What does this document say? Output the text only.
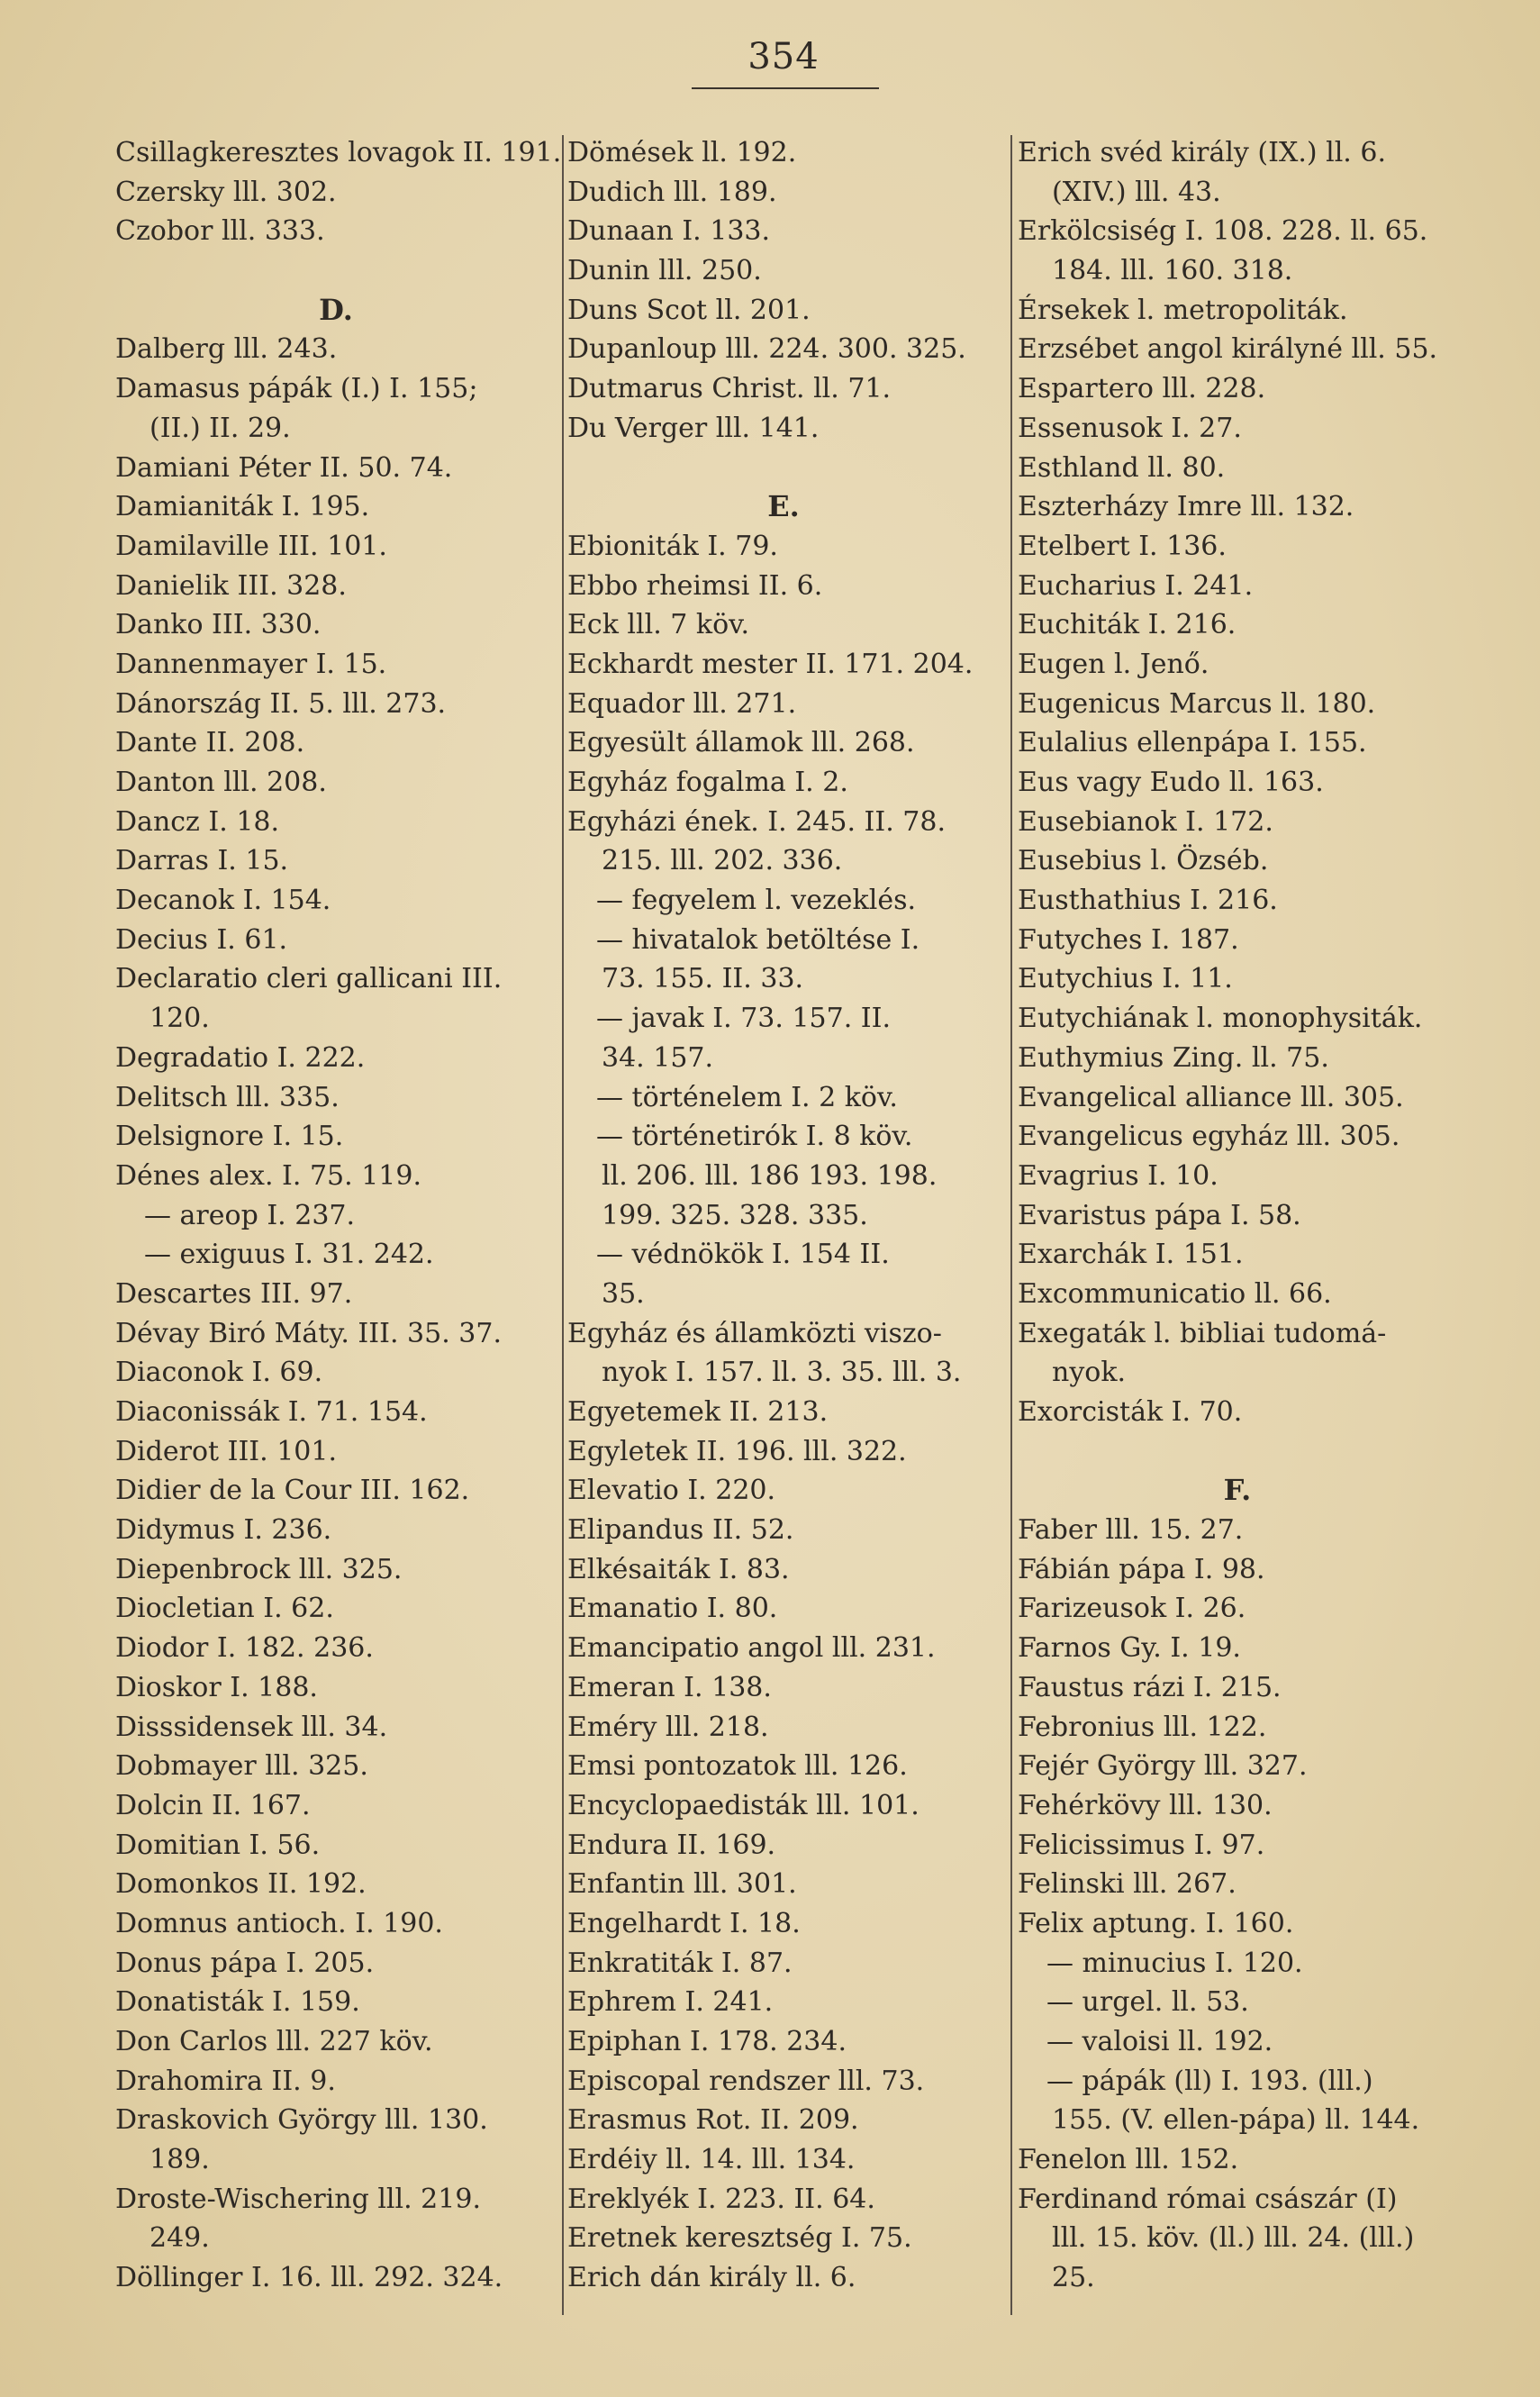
354
Csillagkeresztes lovagok II. 191.
Czersky lll. 302.
Czobor lll. 333.
D.
Dalberg lll. 243.
Damasus pápák (I.) I. 155;
(II.) II. 29.
Damiani Péter II. 50. 74.
Damianiták I. 195.
Damilaville III. 101.
Danielik III. 328.
Danko III. 330.
Dannenmayer I. 15.
Dánország II. 5. lll. 273.
Dante II. 208.
Danton lll. 208.
Dancz I. 18.
Darras I. 15.
Decanok I. 154.
Decius I. 61.
Declaratio cleri gallicani III.
120.
Degradatio I. 222.
Delitsch lll. 335.
Delsignore I. 15.
Dénes alex. I. 75. 119.
— areop I. 237.
— exiguus I. 31. 242.
Descartes III. 97.
Dévay Biró Máty. III. 35. 37.
Diaconok I. 69.
Diaconissák I. 71. 154.
Diderot III. 101.
Didier de la Cour III. 162.
Didymus I. 236.
Diepenbrock lll. 325.
Diocletian I. 62.
Diodor I. 182. 236.
Dioskor I. 188.
Disssidensek lll. 34.
Dobmayer lll. 325.
Dolcin II. 167.
Domitian I. 56.
Domonkos II. 192.
Domnus antioch. I. 190.
Donus pápa I. 205.
Donatisták I. 159.
Don Carlos lll. 227 köv.
Drahomira II. 9.
Draskovich György lll. 130.
189.
Droste-Wischering lll. 219.
249.
Döllinger I. 16. lll. 292. 324.
Dömések ll. 192.
Dudich lll. 189.
Dunaan I. 133.
Dunin lll. 250.
Duns Scot ll. 201.
Dupanloup lll. 224. 300. 325.
Dutmarus Christ. ll. 71.
Du Verger lll. 141.
E.
Ebioniták I. 79.
Ebbo rheimsi II. 6.
Eck lll. 7 köv.
Eckhardt mester II. 171. 204.
Equador lll. 271.
Egyesült államok lll. 268.
Egyház fogalma I. 2.
Egyházi ének. I. 245. II. 78.
215. lll. 202. 336.
— fegyelem l. vezeklés.
— hivatalok betöltése I.
73. 155. II. 33.
— javak I. 73. 157. II.
34. 157.
— történelem I. 2 köv.
— történetirók I. 8 köv.
ll. 206. lll. 186 193. 198.
199. 325. 328. 335.
— védnökök I. 154 II.
35.
Egyház és államközti viszo-
nyok I. 157. ll. 3. 35. lll. 3.
Egyetemek II. 213.
Egyletek II. 196. lll. 322.
Elevatio I. 220.
Elipandus II. 52.
Elkésaiták I. 83.
Emanatio I. 80.
Emancipatio angol lll. 231.
Emeran I. 138.
Eméry lll. 218.
Emsi pontozatok lll. 126.
Encyclopaedisták lll. 101.
Endura II. 169.
Enfantin lll. 301.
Engelhardt I. 18.
Enkratiták I. 87.
Ephrem I. 241.
Epiphan I. 178. 234.
Episcopal rendszer lll. 73.
Erasmus Rot. II. 209.
Erdéiy ll. 14. lll. 134.
Ereklyék I. 223. II. 64.
Eretnek keresztség I. 75.
Erich dán király ll. 6.
Erich svéd király (IX.) ll. 6.
(XIV.) lll. 43.
Erkölcsiség I. 108. 228. ll. 65.
184. lll. 160. 318.
Érsekek l. metropoliták.
Erzsébet angol királyné lll. 55.
Espartero lll. 228.
Essenusok I. 27.
Esthland ll. 80.
Eszterházy Imre lll. 132.
Etelbert I. 136.
Eucharius I. 241.
Euchiták I. 216.
Eugen l. Jenő.
Eugenicus Marcus ll. 180.
Eulalius ellenpápa I. 155.
Eus vagy Eudo ll. 163.
Eusebianok I. 172.
Eusebius l. Özséb.
Eusthathius I. 216.
Futyches I. 187.
Eutychius I. 11.
Eutychiának l. monophysiták.
Euthymius Zing. ll. 75.
Evangelical alliance lll. 305.
Evangelicus egyház lll. 305.
Evagrius I. 10.
Evaristus pápa I. 58.
Exarchák I. 151.
Excommunicatio ll. 66.
Exegaták l. bibliai tudomá-
nyok.
Exorcisták I. 70.
F.
Faber lll. 15. 27.
Fábián pápa I. 98.
Farizeusok I. 26.
Farnos Gy. I. 19.
Faustus rázi I. 215.
Febronius lll. 122.
Fejér György lll. 327.
Fehérkövy lll. 130.
Felicissimus I. 97.
Felinski lll. 267.
Felix aptung. I. 160.
— minucius I. 120.
— urgel. ll. 53.
— valoisi ll. 192.
— pápák (ll) I. 193. (lll.)
155. (V. ellen-pápa) ll. 144.
Fenelon lll. 152.
Ferdinand római császár (I)
lll. 15. köv. (ll.) lll. 24. (lll.)
25.
